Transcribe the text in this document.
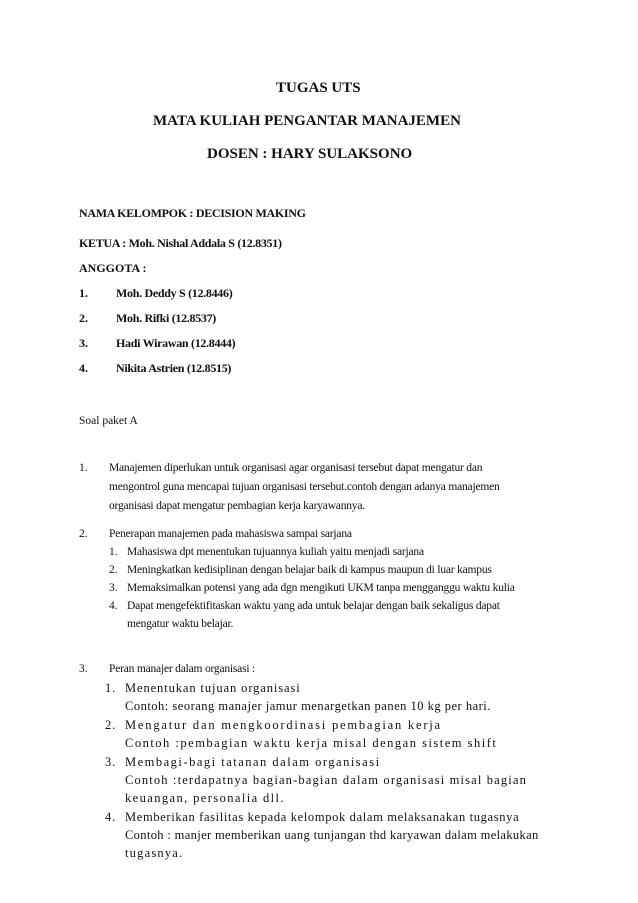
TUGAS UTS
MATA KULIAH PENGANTAR MANAJEMEN
DOSEN : HARY SULAKSONO
NAMA KELOMPOK : DECISION MAKING
KETUA : Moh. Nishal Addala S (12.8351)
ANGGOTA :
1. Moh. Deddy S (12.8446)
2. Moh. Rifki (12.8537)
3. Hadi Wirawan (12.8444)
4. Nikita Astrien (12.8515)
Soal paket A
1. Manajemen diperlukan untuk organisasi agar organisasi tersebut dapat mengatur dan
mengontrol guna mencapai tujuan organisasi tersebut.contoh dengan adanya manajemen
organisasi dapat mengatur pembagian kerja karyawannya.
2. Penerapan manajemen pada mahasiswa sampai sarjana
1. Mahasiswa dpt menentukan tujuannya kuliah yaitu menjadi sarjana
2. Meningkatkan kedisiplinan dengan belajar baik di kampus maupun di luar kampus
3. Memaksimalkan potensi yang ada dgn mengikuti UKM tanpa mengganggu waktu kulia
4. Dapat mengefektifitaskan waktu yang ada untuk belajar dengan baik sekaligus dapat
mengatur waktu belajar.
3. Peran manajer dalam organisasi :
1. Menentukan tujuan organisasi
Contoh: seorang manajer jamur menargetkan panen 10 kg per hari.
2. Mengatur dan mengkoordinasi pembagian kerja
Contoh :pembagian waktu kerja misal dengan sistem shift
3. Membagi-bagi tatanan dalam organisasi
Contoh :terdapatnya bagian-bagian dalam organisasi misal bagian
keuangan, personalia dll.
4. Memberikan fasilitas kepada kelompok dalam melaksanakan tugasnya
Contoh : manjer memberikan uang tunjangan thd karyawan dalam melakukan
tugasnya.
